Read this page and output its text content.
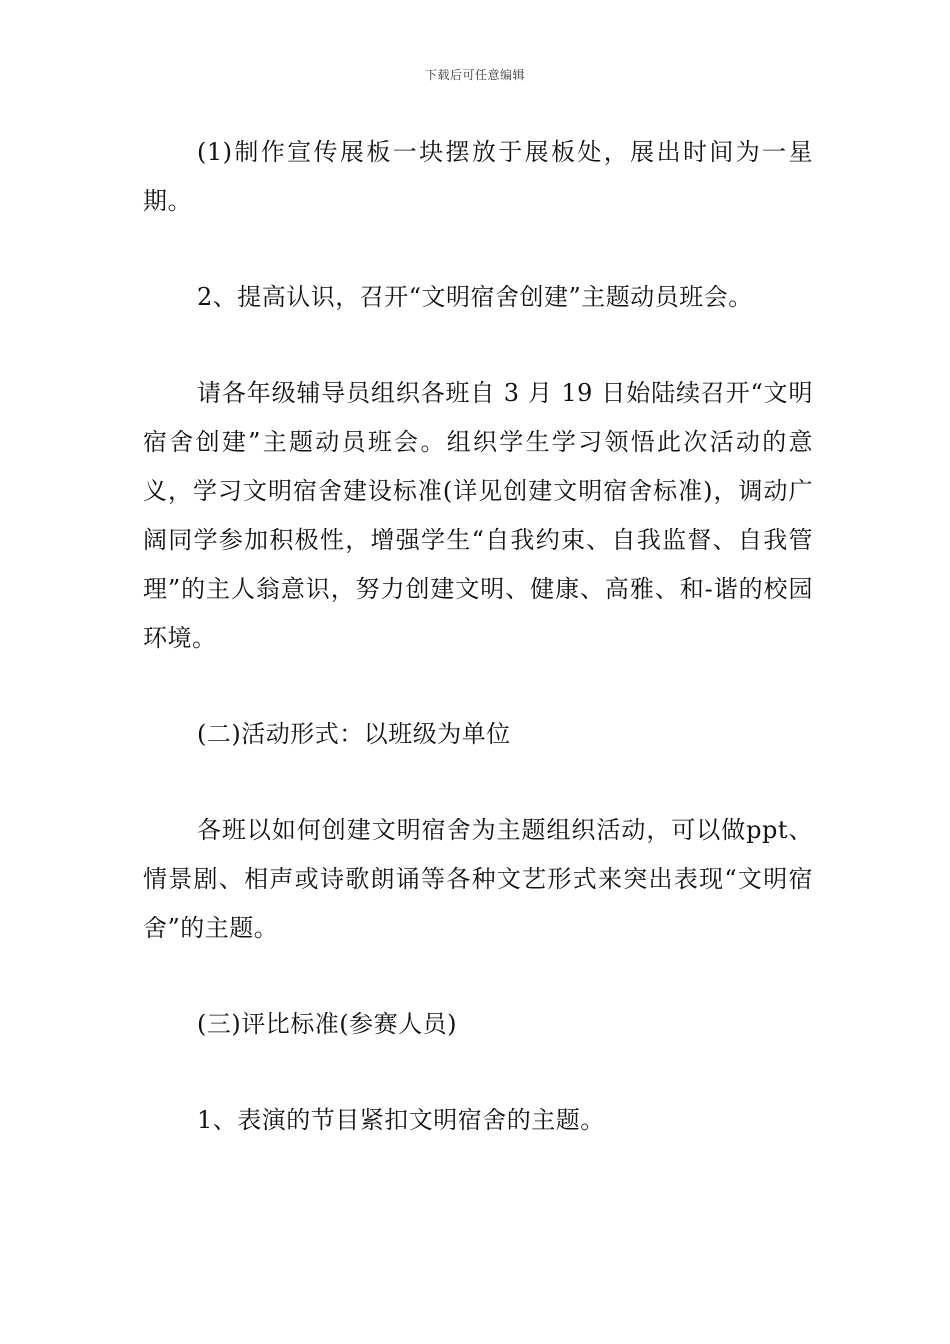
下载后可任意编辑

(1)制作宣传展板一块摆放于展板处，展出时间为一星期。

2、提高认识，召开“文明宿舍创建”主题动员班会。

请各年级辅导员组织各班自 3 月 19 日始陆续召开“文明宿舍创建”主题动员班会。组织学生学习领悟此次活动的意义，学习文明宿舍建设标准(详见创建文明宿舍标准)，调动广阔同学参加积极性，增强学生“自我约束、自我监督、自我管理”的主人翁意识，努力创建文明、健康、高雅、和-谐的校园环境。

(二)活动形式：以班级为单位

各班以如何创建文明宿舍为主题组织活动，可以做ppt、情景剧、相声或诗歌朗诵等各种文艺形式来突出表现“文明宿舍”的主题。

(三)评比标准(参赛人员)

1、表演的节目紧扣文明宿舍的主题。
